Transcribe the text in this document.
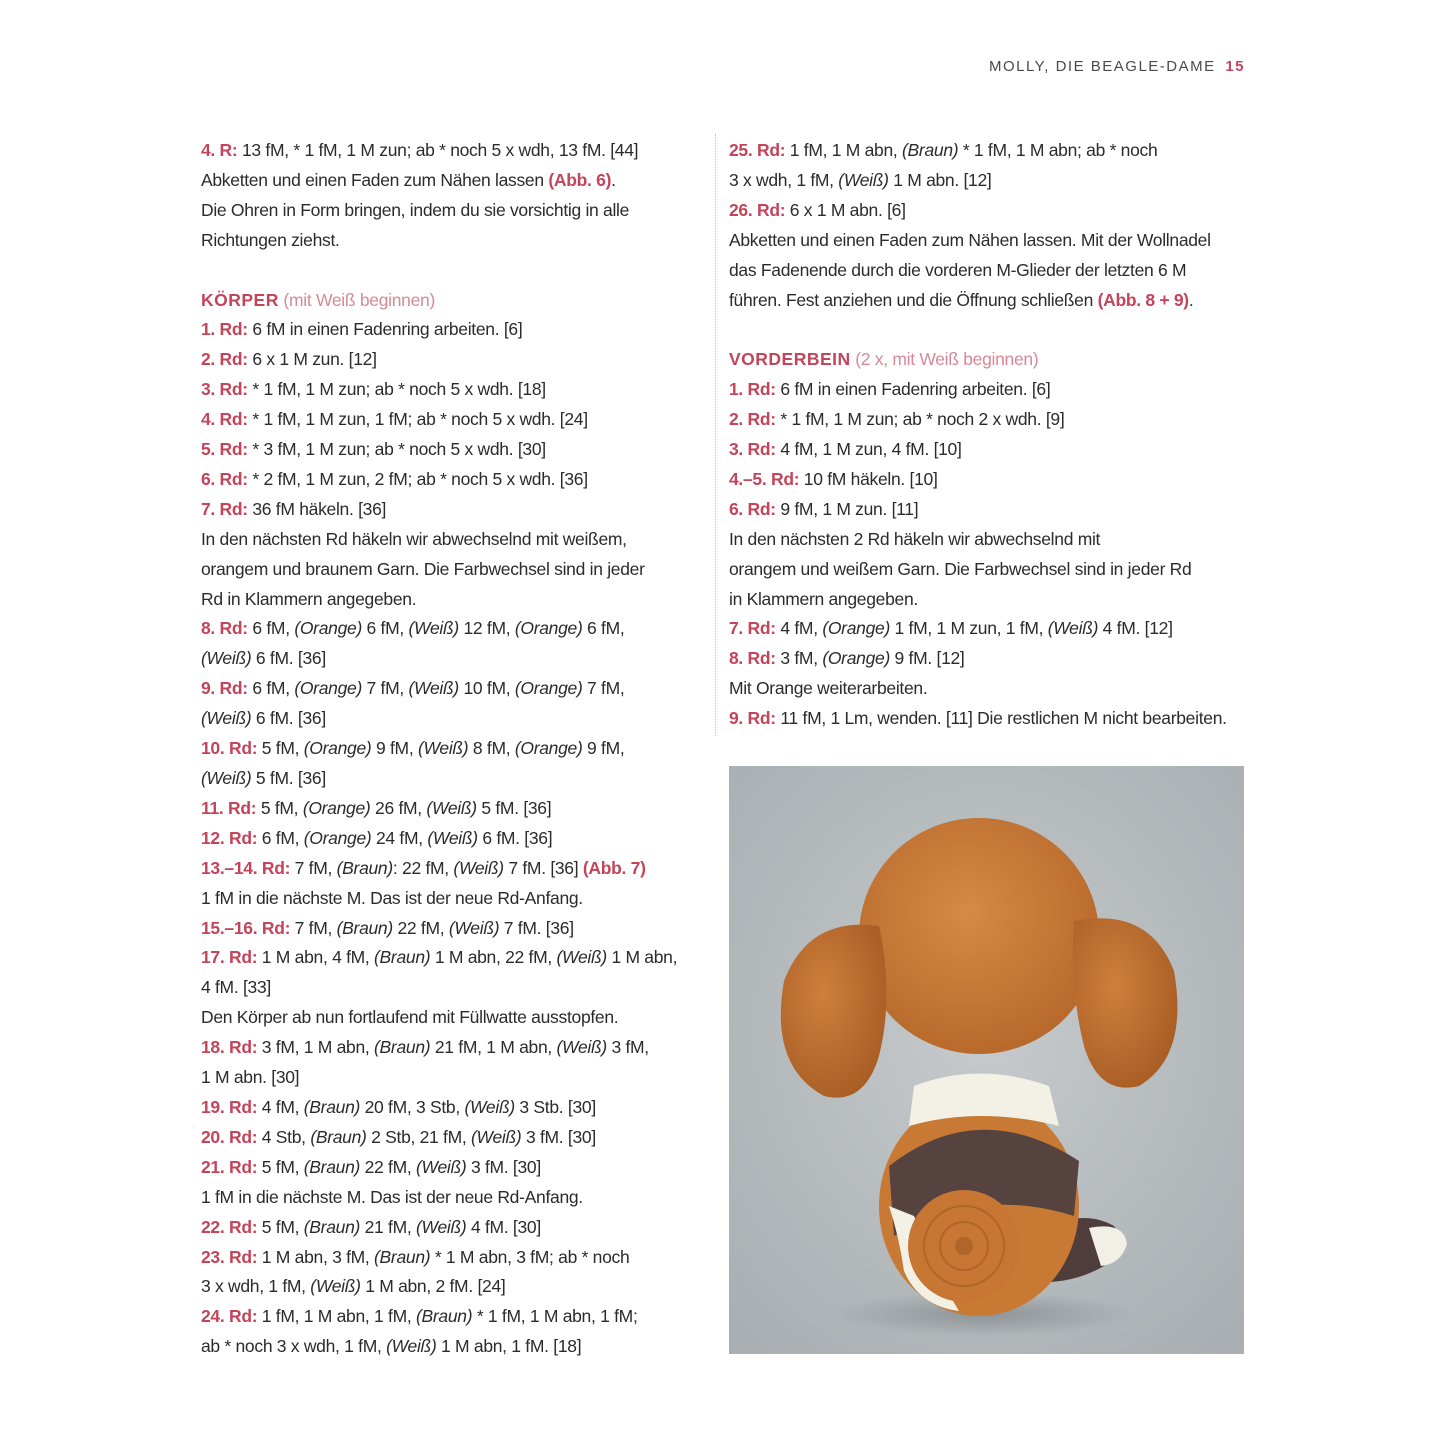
MOLLY, DIE BEAGLE-DAME 15
4. R: 13 fM, * 1 fM, 1 M zun; ab * noch 5 x wdh, 13 fM. [44]
Abketten und einen Faden zum Nähen lassen (Abb. 6).
Die Ohren in Form bringen, indem du sie vorsichtig in alle
Richtungen ziehst.
KÖRPER (mit Weiß beginnen)
1. Rd: 6 fM in einen Fadenring arbeiten. [6]
2. Rd: 6 x 1 M zun. [12]
3. Rd: * 1 fM, 1 M zun; ab * noch 5 x wdh. [18]
4. Rd: * 1 fM, 1 M zun, 1 fM; ab * noch 5 x wdh. [24]
5. Rd: * 3 fM, 1 M zun; ab * noch 5 x wdh. [30]
6. Rd: * 2 fM, 1 M zun, 2 fM; ab * noch 5 x wdh. [36]
7. Rd: 36 fM häkeln. [36]
In den nächsten Rd häkeln wir abwechselnd mit weißem,
orangem und braunem Garn. Die Farbwechsel sind in jeder
Rd in Klammern angegeben.
8. Rd: 6 fM, (Orange) 6 fM, (Weiß) 12 fM, (Orange) 6 fM,
(Weiß) 6 fM. [36]
9. Rd: 6 fM, (Orange) 7 fM, (Weiß) 10 fM, (Orange) 7 fM,
(Weiß) 6 fM. [36]
10. Rd: 5 fM, (Orange) 9 fM, (Weiß) 8 fM, (Orange) 9 fM,
(Weiß) 5 fM. [36]
11. Rd: 5 fM, (Orange) 26 fM, (Weiß) 5 fM. [36]
12. Rd: 6 fM, (Orange) 24 fM, (Weiß) 6 fM. [36]
13.–14. Rd: 7 fM, (Braun): 22 fM, (Weiß) 7 fM. [36] (Abb. 7)
1 fM in die nächste M. Das ist der neue Rd-Anfang.
15.–16. Rd: 7 fM, (Braun) 22 fM, (Weiß) 7 fM. [36]
17. Rd: 1 M abn, 4 fM, (Braun) 1 M abn, 22 fM, (Weiß) 1 M abn,
4 fM. [33]
Den Körper ab nun fortlaufend mit Füllwatte ausstopfen.
18. Rd: 3 fM, 1 M abn, (Braun) 21 fM, 1 M abn, (Weiß) 3 fM,
1 M abn. [30]
19. Rd: 4 fM, (Braun) 20 fM, 3 Stb, (Weiß) 3 Stb. [30]
20. Rd: 4 Stb, (Braun) 2 Stb, 21 fM, (Weiß) 3 fM. [30]
21. Rd: 5 fM, (Braun) 22 fM, (Weiß) 3 fM. [30]
1 fM in die nächste M. Das ist der neue Rd-Anfang.
22. Rd: 5 fM, (Braun) 21 fM, (Weiß) 4 fM. [30]
23. Rd: 1 M abn, 3 fM, (Braun) * 1 M abn, 3 fM; ab * noch
3 x wdh, 1 fM, (Weiß) 1 M abn, 2 fM. [24]
24. Rd: 1 fM, 1 M abn, 1 fM, (Braun) * 1 fM, 1 M abn, 1 fM;
ab * noch 3 x wdh, 1 fM, (Weiß) 1 M abn, 1 fM. [18]
25. Rd: 1 fM, 1 M abn, (Braun) * 1 fM, 1 M abn; ab * noch
3 x wdh, 1 fM, (Weiß) 1 M abn. [12]
26. Rd: 6 x 1 M abn. [6]
Abketten und einen Faden zum Nähen lassen. Mit der Wollnadel
das Fadenende durch die vorderen M-Glieder der letzten 6 M
führen. Fest anziehen und die Öffnung schließen (Abb. 8 + 9).
VORDERBEIN (2 x, mit Weiß beginnen)
1. Rd: 6 fM in einen Fadenring arbeiten. [6]
2. Rd: * 1 fM, 1 M zun; ab * noch 2 x wdh. [9]
3. Rd: 4 fM, 1 M zun, 4 fM. [10]
4.–5. Rd: 10 fM häkeln. [10]
6. Rd: 9 fM, 1 M zun. [11]
In den nächsten 2 Rd häkeln wir abwechselnd mit
orangem und weißem Garn. Die Farbwechsel sind in jeder Rd
in Klammern angegeben.
7. Rd: 4 fM, (Orange) 1 fM, 1 M zun, 1 fM, (Weiß) 4 fM. [12]
8. Rd: 3 fM, (Orange) 9 fM. [12]
Mit Orange weiterarbeiten.
9. Rd: 11 fM, 1 Lm, wenden. [11] Die restlichen M nicht bearbeiten.
